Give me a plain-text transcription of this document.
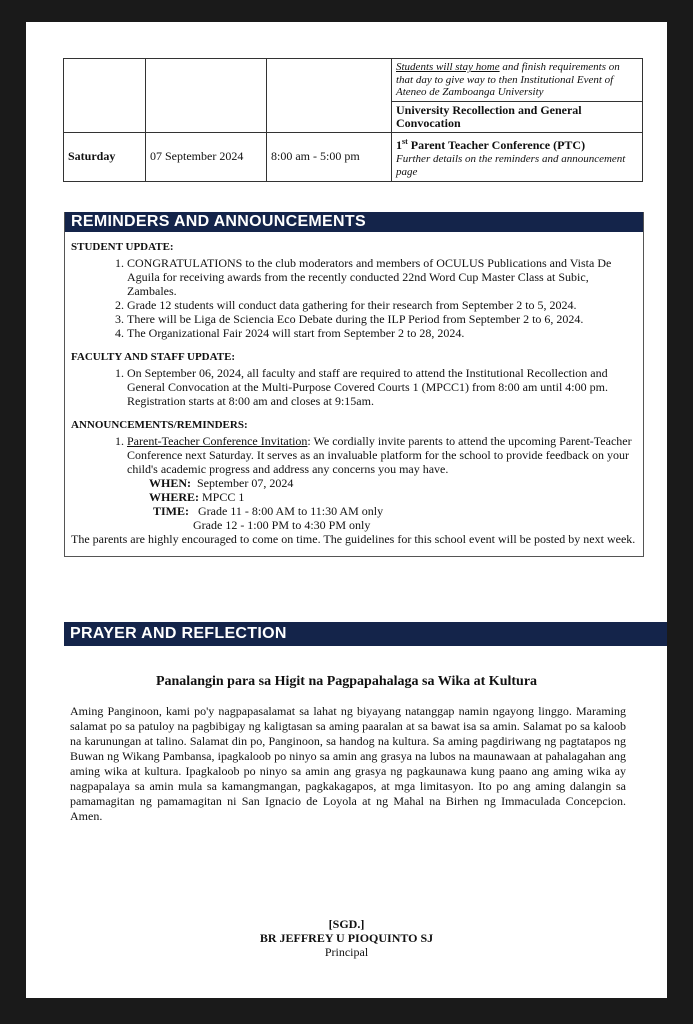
			Students will stay home and finish requirements on that day to give way to then Institutional Event of Ateneo de Zamboanga University
			University Recollection and General Convocation
Saturday	07 September 2024	8:00 am - 5:00 pm	1st Parent Teacher Conference (PTC)
Further details on the reminders and announcement page
REMINDERS AND ANNOUNCEMENTS

STUDENT UPDATE:

1. CONGRATULATIONS to the club moderators and members of OCULUS Publications and Vista De Aguila for receiving awards from the recently conducted 22nd Word Cup Master Class at Subic, Zambales.
2. Grade 12 students will conduct data gathering for their research from September 2 to 5, 2024.
3. There will be Liga de Sciencia Eco Debate during the ILP Period from September 2 to 6, 2024.
4. The Organizational Fair 2024 will start from September 2 to 28, 2024.

FACULTY AND STAFF UPDATE:

1. On September 06, 2024, all faculty and staff are required to attend the Institutional Recollection and General Convocation at the Multi-Purpose Covered Courts 1 (MPCC1) from 8:00 am until 4:00 pm. Registration starts at 8:00 am and closes at 9:15am.

ANNOUNCEMENTS/REMINDERS:

1. Parent-Teacher Conference Invitation: We cordially invite parents to attend the upcoming Parent-Teacher Conference next Saturday. It serves as an invaluable platform for the school to provide feedback on your child's academic progress and address any concerns you may have.
WHEN: September 07, 2024
WHERE: MPCC 1
TIME: Grade 11 - 8:00 AM to 11:30 AM only
Grade 12 - 1:00 PM to 4:30 PM only
The parents are highly encouraged to come on time. The guidelines for this school event will be posted by next week.
PRAYER AND REFLECTION
Panalangin para sa Higit na Pagpapahalaga sa Wika at Kultura
Aming Panginoon, kami po'y nagpapasalamat sa lahat ng biyayang natanggap namin ngayong linggo. Maraming salamat po sa patuloy na pagbibigay ng kaligtasan sa aming paaralan at sa bawat isa sa amin. Salamat po sa kaloob na karunungan at talino. Salamat din po, Panginoon, sa handog na kultura. Sa aming pagdiriwang ng pagtatapos ng Buwan ng Wikang Pambansa, ipagkaloob po ninyo sa amin ang grasya na lubos na maunawaan at pahalagahan ang aming wika at kultura. Ipagkaloob po ninyo sa amin ang grasya ng pagkaunawa kung paano ang aming wika ay nagpapalaya sa amin mula sa kamangmangan, pagkakagapos, at mga limitasyon. Ito po ang aming dalangin sa pamamagitan ng pamamagitan ni San Ignacio de Loyola at ng Mahal na Birhen ng Immaculada Concepcion. Amen.
[SGD.]
BR JEFFREY U PIOQUINTO SJ
Principal
